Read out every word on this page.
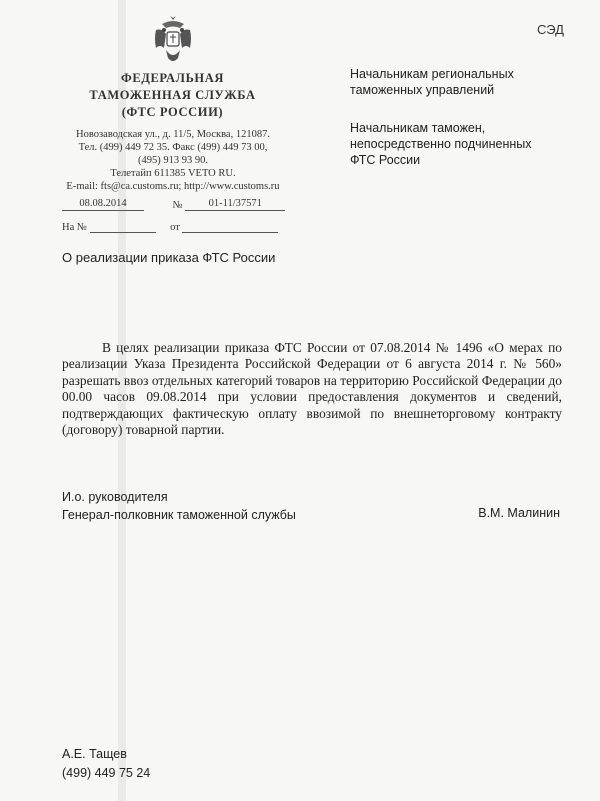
СЭД
ФЕДЕРАЛЬНАЯ
ТАМОЖЕННАЯ СЛУЖБА
(ФТС РОССИИ)
Новозаводская ул., д. 11/5, Москва, 121087.
Тел. (499) 449 72 35. Факс (499) 449 73 00,
(495) 913 93 90.
Телетайп 611385 VETO RU.
E-mail: fts@ca.customs.ru; http://www.customs.ru
08.08.2014	№ 01-11/37571
На №	от
Начальникам региональных таможенных управлений
Начальникам таможен, непосредственно подчиненных ФТС России
О реализации приказа ФТС России
В целях реализации приказа ФТС России от 07.08.2014 № 1496 «О мерах по реализации Указа Президента Российской Федерации от 6 августа 2014 г. № 560» разрешать ввоз отдельных категорий товаров на территорию Российской Федерации до 00.00 часов 09.08.2014 при условии предоставления документов и сведений, подтверждающих фактическую оплату ввозимой по внешнеторговому контракту (договору) товарной партии.
И.о. руководителя
Генерал-полковник таможенной службы	В.М. Малинин
А.Е. Тащев
(499) 449 75 24
